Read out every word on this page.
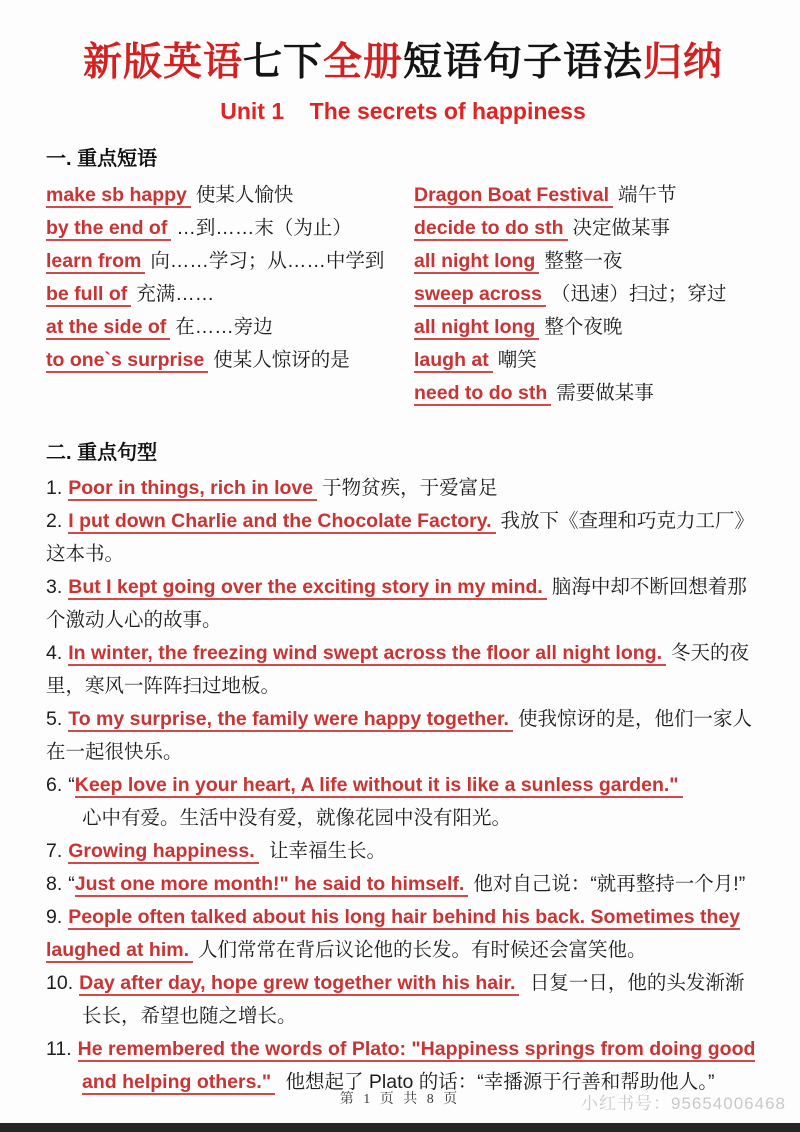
新版英语七下全册短语句子语法归纳
Unit 1    The secrets of happiness
一. 重点短语
make sb happy 使某人愉快
by the end of …到……末（为止）
learn from 向……学习；从……中学到
be full of 充满……
at the side of 在……旁边
to one`s surprise 使某人惊讶的是
Dragon Boat Festival 端午节
decide to do sth 决定做某事
all night long 整整一夜
sweep across （迅速）扫过；穿过
all night long 整个夜晚
laugh at 嘲笑
need to do sth 需要做某事
二. 重点句型
1. Poor in things, rich in love 于物贫疾，于爱富足
2. I put down Charlie and the Chocolate Factory. 我放下《查理和巧克力工厂》这本书。
3. But I kept going over the exciting story in my mind. 脑海中却不断回想着那个激动人心的故事。
4. In winter, the freezing wind swept across the floor all night long. 冬天的夜里，寒风一阵阵扫过地板。
5. To my surprise, the family were happy together. 使我惊讶的是，他们一家人在一起很快乐。
6. “Keep love in your heart, A life without it is like a sunless garden."
心中有爱。生活中没有爱，就像花园中没有阳光。
7. Growing happiness. 让幸福生长。
8. “Just one more month!" he said to himself. 他对自己说：“就再整持一个月!”
9. People often talked about his long hair behind his back. Sometimes they laughed at him. 人们常常在背后议论他的长发。有时候还会富笑他。
10. Day after day, hope grew together with his hair. 日复一日，他的头发渐渐长长，希望也随之增长。
11. He remembered the words of Plato: "Happiness springs from doing good and helping others." 他想起了 Plato 的话：“幸播源于行善和帮助他人。”
第 1 页 共 8 页	小红书号：95654006468
